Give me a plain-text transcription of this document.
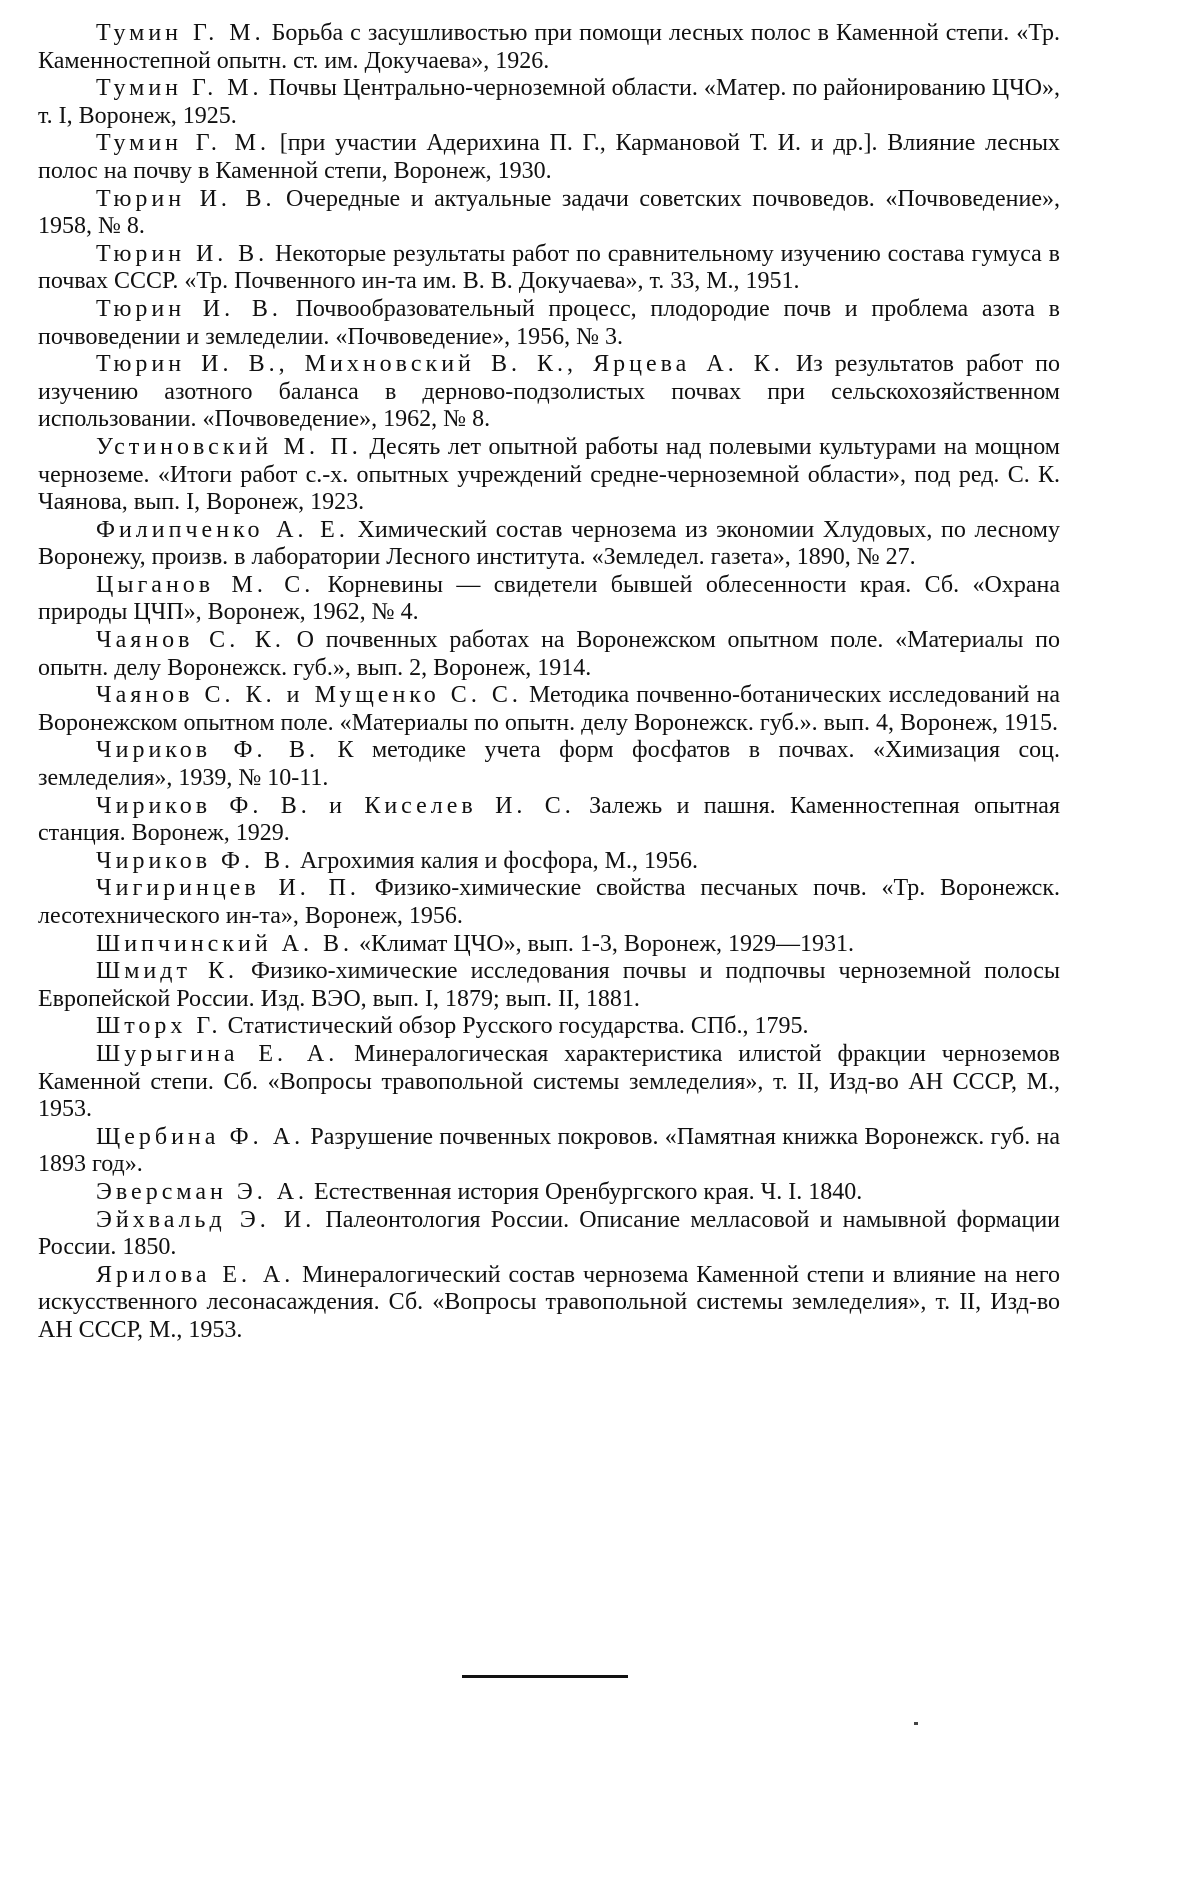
Тумин Г. М. Борьба с засушливостью при помощи лесных полос в Каменной степи. «Тр. Каменностепной опытн. ст. им. Докучаева», 1926.

Тумин Г. М. Почвы Центрально-черноземной области. «Матер. по районированию ЦЧО», т. I, Воронеж, 1925.

Тумин Г. М. [при участии Адерихина П. Г., Кармановой Т. И. и др.]. Влияние лесных полос на почву в Каменной степи, Воронеж, 1930.

Тюрин И. В. Очередные и актуальные задачи советских почвоведов. «Почвоведение», 1958, № 8.

Тюрин И. В. Некоторые результаты работ по сравнительному изучению состава гумуса в почвах СССР. «Тр. Почвенного ин-та им. В. В. Докучаева», т. 33, М., 1951.

Тюрин И. В. Почвообразовательный процесс, плодородие почв и проблема азота в почвоведении и земледелии. «Почвоведение», 1956, № 3.

Тюрин И. В., Михновский В. К., Ярцева А. К. Из результатов работ по изучению азотного баланса в дерново-подзолистых почвах при сельскохозяйственном использовании. «Почвоведение», 1962, № 8.

Устиновский М. П. Десять лет опытной работы над полевыми культурами на мощном черноземе. «Итоги работ с.-х. опытных учреждений средне-черноземной области», под ред. С. К. Чаянова, вып. I, Воронеж, 1923.

Филипченко А. Е. Химический состав чернозема из экономии Хлудовых, по лесному Воронежу, произв. в лаборатории Лесного института. «Земледел. газета», 1890, № 27.

Цыганов М. С. Корневины — свидетели бывшей облесенности края. Сб. «Охрана природы ЦЧП», Воронеж, 1962, № 4.

Чаянов С. К. О почвенных работах на Воронежском опытном поле. «Материалы по опытн. делу Воронежск. губ.», вып. 2, Воронеж, 1914.

Чаянов С. К. и Мущенко С. С. Методика почвенно-ботанических исследований на Воронежском опытном поле. «Материалы по опытн. делу Воронежск. губ.». вып. 4, Воронеж, 1915.

Чириков Ф. В. К методике учета форм фосфатов в почвах. «Химизация соц. земледелия», 1939, № 10-11.

Чириков Ф. В. и Киселев И. С. Залежь и пашня. Каменностепная опытная станция. Воронеж, 1929.

Чириков Ф. В. Агрохимия калия и фосфора, М., 1956.

Чигиринцев И. П. Физико-химические свойства песчаных почв. «Тр. Воронежск. лесотехнического ин-та», Воронеж, 1956.

Шипчинский А. В. «Климат ЦЧО», вып. 1-3, Воронеж, 1929—1931.

Шмидт К. Физико-химические исследования почвы и подпочвы черноземной полосы Европейской России. Изд. ВЭО, вып. I, 1879; вып. II, 1881.

Шторх Г. Статистический обзор Русского государства. СПб., 1795.

Шурыгина Е. А. Минералогическая характеристика илистой фракции черноземов Каменной степи. Сб. «Вопросы травопольной системы земледелия», т. II, Изд-во АН СССР, М., 1953.

Щербина Ф. А. Разрушение почвенных покровов. «Памятная книжка Воронежск. губ. на 1893 год».

Эверсман Э. А. Естественная история Оренбургского края. Ч. I. 1840.

Эйхвальд Э. И. Палеонтология России. Описание мелласовой и намывной формации России. 1850.

Ярилова Е. А. Минералогический состав чернозема Каменной степи и влияние на него искусственного лесонасаждения. Сб. «Вопросы травопольной системы земледелия», т. II, Изд-во АН СССР, М., 1953.
